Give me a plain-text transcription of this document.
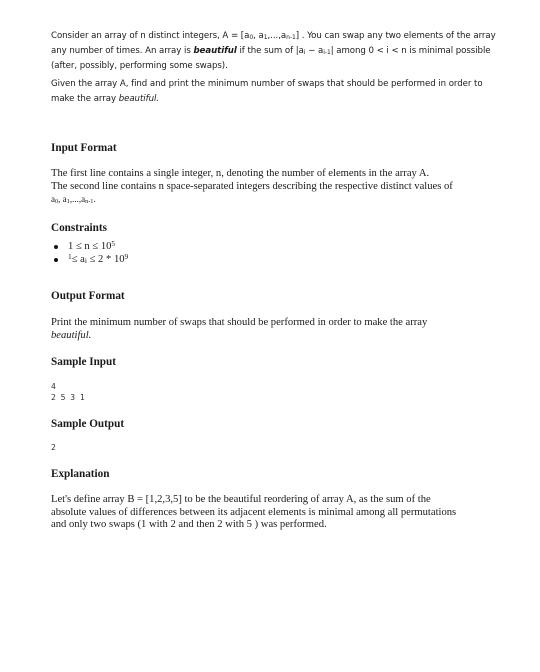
Consider an array of n distinct integers, $A = [a_0$, $a_1,...,a_{n-1}$] . You can swap any two elements of the array
any number of times. An array is beautiful if the sum of $|a_i - a_{i-1}|$ among 0 < i < n is minimal possible
(after, possibly, performing some swaps).
Given the array A, find and print the minimum number of swaps that should be performed in order to
make the array beautiful.
Input Format
The first line contains a single integer, n, denoting the number of elements in the array A.
The second line contains n space-separated integers describing the respective distinct values of
$a_0$, $a_1,...,a_{n-1}$.
Constraints
$1 \le n \le 10^5$
$^1\le a_i \le 2 * 10^9$
Output Format
Print the minimum number of swaps that should be performed in order to make the array
beautiful.
Sample Input
4
2 5 3 1
Sample Output
2
Explanation
Let's define array B = [1,2,3,5] to be the beautiful reordering of array A, as the sum of the
absolute values of differences between its adjacent elements is minimal among all permutations
and only two swaps (1 with 2 and then 2 with 5 ) was performed.
